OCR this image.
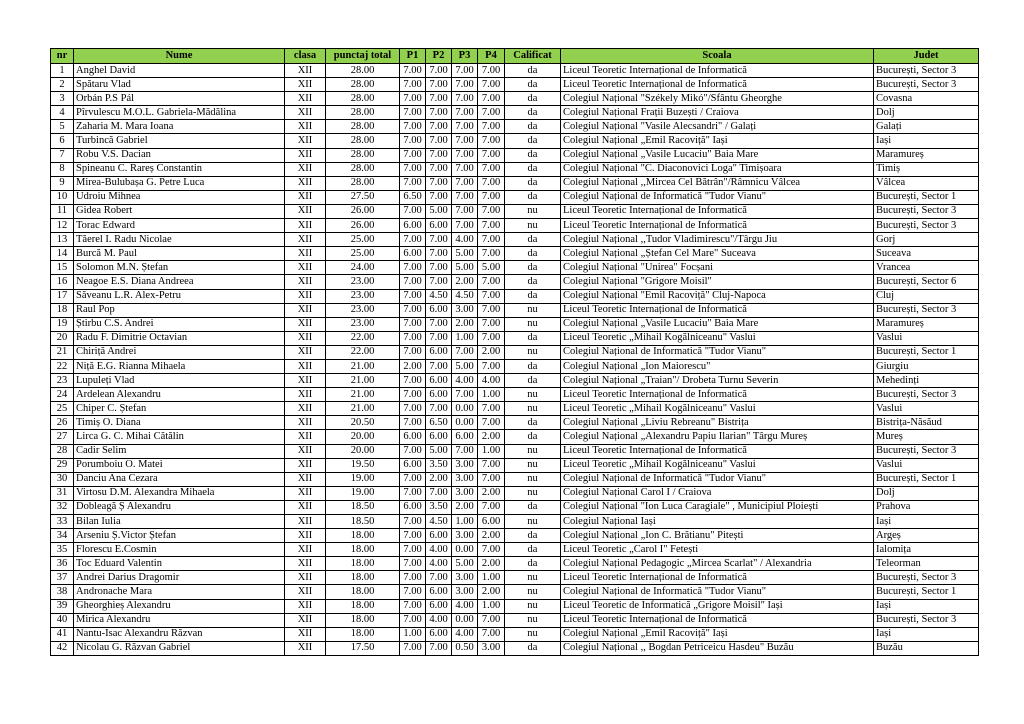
nr	Nume	clasa	punctaj total	P1	P2	P3	P4	Calificat	Scoala	Judet
1	Anghel David	XII	28.00	7.00	7.00	7.00	7.00	da	Liceul Teoretic Internațional de Informatică	București, Sector 3
2	Spătaru Vlad	XII	28.00	7.00	7.00	7.00	7.00	da	Liceul Teoretic Internațional de Informatică	București, Sector 3
3	Orbán P.S Pál	XII	28.00	7.00	7.00	7.00	7.00	da	Colegiul Național "Székely Mikó"/Sfântu Gheorghe	Covasna
4	Pîrvulescu M.O.L. Gabriela-Mădălina	XII	28.00	7.00	7.00	7.00	7.00	da	Colegiul Național Frații Buzești / Craiova	Dolj
5	Zaharia M. Mara Ioana	XII	28.00	7.00	7.00	7.00	7.00	da	Colegiul Național "Vasile Alecsandri" / Galați	Galați
6	Turbincă Gabriel	XII	28.00	7.00	7.00	7.00	7.00	da	Colegiul Național „Emil Racoviță" Iași	Iași
7	Robu V.S. Dacian	XII	28.00	7.00	7.00	7.00	7.00	da	Colegiul Național „Vasile Lucaciu" Baia Mare	Maramureș
8	Spineanu C. Rareș Constantin	XII	28.00	7.00	7.00	7.00	7.00	da	Colegiul Național "C. Diaconovici Loga" Timișoara	Timiș
9	Mirea-Bulubașa G. Petre Luca	XII	28.00	7.00	7.00	7.00	7.00	da	Colegiul Național ,,Mircea Cel Bătrân"/Râmnicu Vâlcea	Vâlcea
10	Udroiu Mihnea	XII	27.50	6.50	7.00	7.00	7.00	da	Colegiul Național de Informatică "Tudor Vianu"	București, Sector 1
11	Gidea Robert	XII	26.00	7.00	5.00	7.00	7.00	nu	Liceul Teoretic Internațional de Informatică	București, Sector 3
12	Torac Edward	XII	26.00	6.00	6.00	7.00	7.00	nu	Liceul Teoretic Internațional de Informatică	București, Sector 3
13	Tăerel I. Radu Nicolae	XII	25.00	7.00	7.00	4.00	7.00	da	Colegiul Național ,,Tudor Vladimirescu"/Târgu Jiu	Gorj
14	Burcă M. Paul	XII	25.00	6.00	7.00	5.00	7.00	da	Colegiul Național „Ștefan Cel Mare" Suceava	Suceava
15	Solomon M.N. Ștefan	XII	24.00	7.00	7.00	5.00	5.00	da	Colegiul Național "Unirea" Focșani	Vrancea
16	Neagoe E.S. Diana Andreea	XII	23.00	7.00	7.00	2.00	7.00	da	Colegiul Național "Grigore Moisil"	București, Sector 6
17	Săveanu L.R. Alex-Petru	XII	23.00	7.00	4.50	4.50	7.00	da	Colegiul Național "Emil Racoviță" Cluj-Napoca	Cluj
18	Raul Pop	XII	23.00	7.00	6.00	3.00	7.00	nu	Liceul Teoretic Internațional de Informatică	București, Sector 3
19	Știrbu C.S. Andrei	XII	23.00	7.00	7.00	2.00	7.00	nu	Colegiul Național „Vasile Lucaciu" Baia Mare	Maramureș
20	Radu F. Dimitrie Octavian	XII	22.00	7.00	7.00	1.00	7.00	da	Liceul Teoretic „Mihail Kogălniceanu" Vaslui	Vaslui
21	Chiriță Andrei	XII	22.00	7.00	6.00	7.00	2.00	nu	Colegiul Național de Informatică "Tudor Vianu"	București, Sector 1
22	Niță E.G. Rianna Mihaela	XII	21.00	2.00	7.00	5.00	7.00	da	Colegiul Național „Ion Maiorescu"	Giurgiu
23	Lupuleți Vlad	XII	21.00	7.00	6.00	4.00	4.00	da	Colegiul Național „Traian"/ Drobeta Turnu Severin	Mehedinți
24	Ardelean Alexandru	XII	21.00	7.00	6.00	7.00	1.00	nu	Liceul Teoretic Internațional de Informatică	București, Sector 3
25	Chiper C. Ștefan	XII	21.00	7.00	7.00	0.00	7.00	nu	Liceul Teoretic „Mihail Kogălniceanu" Vaslui	Vaslui
26	Timiș O. Diana	XII	20.50	7.00	6.50	0.00	7.00	da	Colegiul Național „Liviu Rebreanu" Bistrița	Bistrița-Năsăud
27	Lirca G. C. Mihai Cătălin	XII	20.00	6.00	6.00	6.00	2.00	da	Colegiul Național „Alexandru Papiu Ilarian" Târgu Mureș	Mureș
28	Cadir Selim	XII	20.00	7.00	5.00	7.00	1.00	nu	Liceul Teoretic Internațional de Informatică	București, Sector 3
29	Porumboiu O. Matei	XII	19.50	6.00	3.50	3.00	7.00	nu	Liceul Teoretic „Mihail Kogălniceanu" Vaslui	Vaslui
30	Danciu Ana Cezara	XII	19.00	7.00	2.00	3.00	7.00	nu	Colegiul Național de Informatică "Tudor Vianu"	București, Sector 1
31	Virtosu D.M. Alexandra Mihaela	XII	19.00	7.00	7.00	3.00	2.00	nu	Colegiul Național Carol I / Craiova	Dolj
32	Dobleagă Ș Alexandru	XII	18.50	6.00	3.50	2.00	7.00	da	Colegiul Național "Ion Luca Caragiale" , Municipiul Ploiești	Prahova
33	Bilan Iulia	XII	18.50	7.00	4.50	1.00	6.00	nu	Colegiul Național Iași	Iași
34	Arseniu Ș.Victor Ștefan	XII	18.00	7.00	6.00	3.00	2.00	da	Colegiul Național „Ion C. Brătianu" Pitești	Argeș
35	Florescu E.Cosmin	XII	18.00	7.00	4.00	0.00	7.00	da	Liceul Teoretic „Carol I" Fetești	Ialomița
36	Toc Eduard Valentin	XII	18.00	7.00	4.00	5.00	2.00	da	Colegiul Național Pedagogic „Mircea Scarlat" / Alexandria	Teleorman
37	Andrei Darius Dragomir	XII	18.00	7.00	7.00	3.00	1.00	nu	Liceul Teoretic Internațional de Informatică	București, Sector 3
38	Andronache Mara	XII	18.00	7.00	6.00	3.00	2.00	nu	Colegiul Național de Informatică "Tudor Vianu"	București, Sector 1
39	Gheorghieș Alexandru	XII	18.00	7.00	6.00	4.00	1.00	nu	Liceul Teoretic de Informatică „Grigore Moisil" Iași	Iași
40	Mirica Alexandru	XII	18.00	7.00	4.00	0.00	7.00	nu	Liceul Teoretic Internațional de Informatică	București, Sector 3
41	Nantu-Isac Alexandru Răzvan	XII	18.00	1.00	6.00	4.00	7.00	nu	Colegiul Național „Emil Racoviță" Iași	Iași
42	Nicolau G. Răzvan Gabriel	XII	17.50	7.00	7.00	0.50	3.00	da	Colegiul Național ,, Bogdan Petriceicu Hasdeu" Buzău	Buzău
